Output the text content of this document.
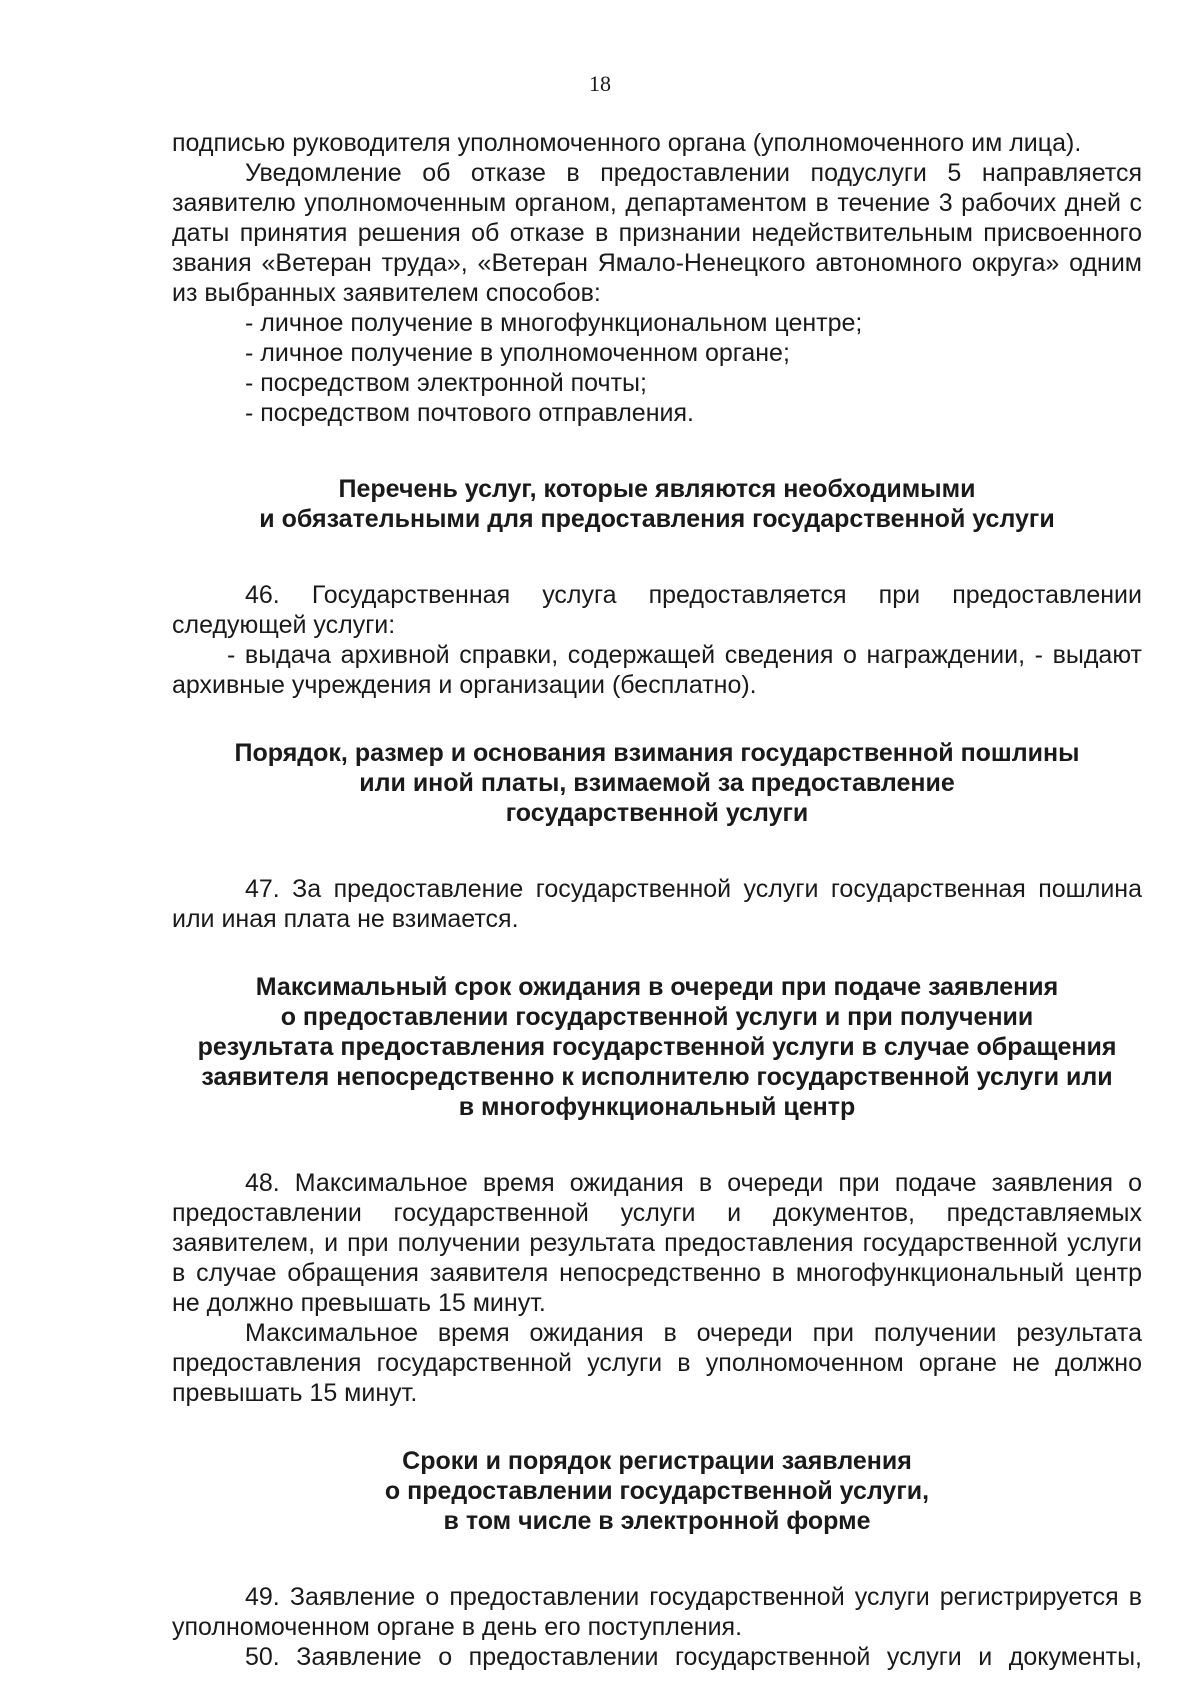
18

подписью руководителя уполномоченного органа (уполномоченного им лица).

Уведомление об отказе в предоставлении подуслуги 5 направляется заявителю уполномоченным органом, департаментом в течение 3 рабочих дней с даты принятия решения об отказе в признании недействительным присвоенного звания «Ветеран труда», «Ветеран Ямало-Ненецкого автономного округа» одним из выбранных заявителем способов:

- личное получение в многофункциональном центре;

- личное получение в уполномоченном органе;

- посредством электронной почты;

- посредством почтового отправления.

Перечень услуг, которые являются необходимыми

и обязательными для предоставления государственной услуги

46. Государственная услуга предоставляется при предоставлении следующей услуги:

- выдача архивной справки, содержащей сведения о награждении, - выдают архивные учреждения и организации (бесплатно).

Порядок, размер и основания взимания государственной пошлины

или иной платы, взимаемой за предоставление

государственной услуги

47. За предоставление государственной услуги государственная пошлина или иная плата не взимается.

Максимальный срок ожидания в очереди при подаче заявления

о предоставлении государственной услуги и при получении

результата предоставления государственной услуги в случае обращения

заявителя непосредственно к исполнителю государственной услуги или

в многофункциональный центр

48. Максимальное время ожидания в очереди при подаче заявления о предоставлении государственной услуги и документов, представляемых заявителем, и при получении результата предоставления государственной услуги в случае обращения заявителя непосредственно в многофункциональный центр не должно превышать 15 минут.

Максимальное время ожидания в очереди при получении результата предоставления государственной услуги в уполномоченном органе не должно превышать 15 минут.

Сроки и порядок регистрации заявления

о предоставлении государственной услуги,

в том числе в электронной форме

49. Заявление о предоставлении государственной услуги регистрируется в уполномоченном органе в день его поступления.

50. Заявление о предоставлении государственной услуги и документы,
